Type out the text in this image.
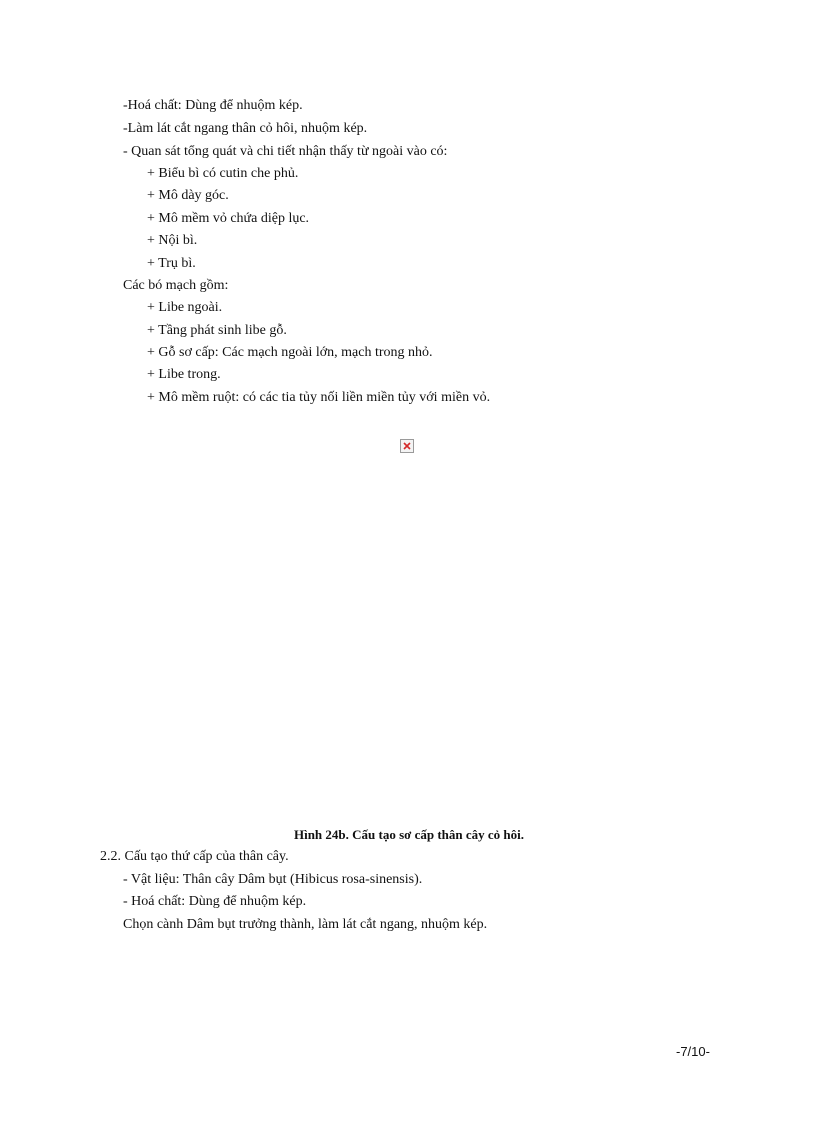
-Hoá chất: Dùng để nhuộm kép.
-Làm lát cắt ngang thân cỏ hôi, nhuộm kép.
- Quan sát tổng quát và chi tiết nhận thấy từ ngoài vào có:
+ Biểu bì có cutin che phủ.
+ Mô dày góc.
+ Mô mềm vỏ chứa diệp lục.
+ Nội bì.
+ Trụ bì.
Các bó mạch gồm:
+ Libe ngoài.
+ Tầng phát sinh libe gỗ.
+ Gỗ sơ cấp: Các mạch ngoài lớn, mạch trong nhỏ.
+ Libe trong.
+ Mô mềm ruột: có các tia tủy nối liền miền tủy với miền vỏ.
Hình 24b. Cấu tạo sơ cấp thân cây cỏ hôi.
2.2. Cấu tạo thứ cấp của thân cây.
- Vật liệu: Thân cây Dâm bụt (Hibicus rosa-sinensis).
- Hoá chất: Dùng để nhuộm kép.
Chọn cành Dâm bụt trưởng thành, làm lát cắt ngang, nhuộm kép.
-7/10-
